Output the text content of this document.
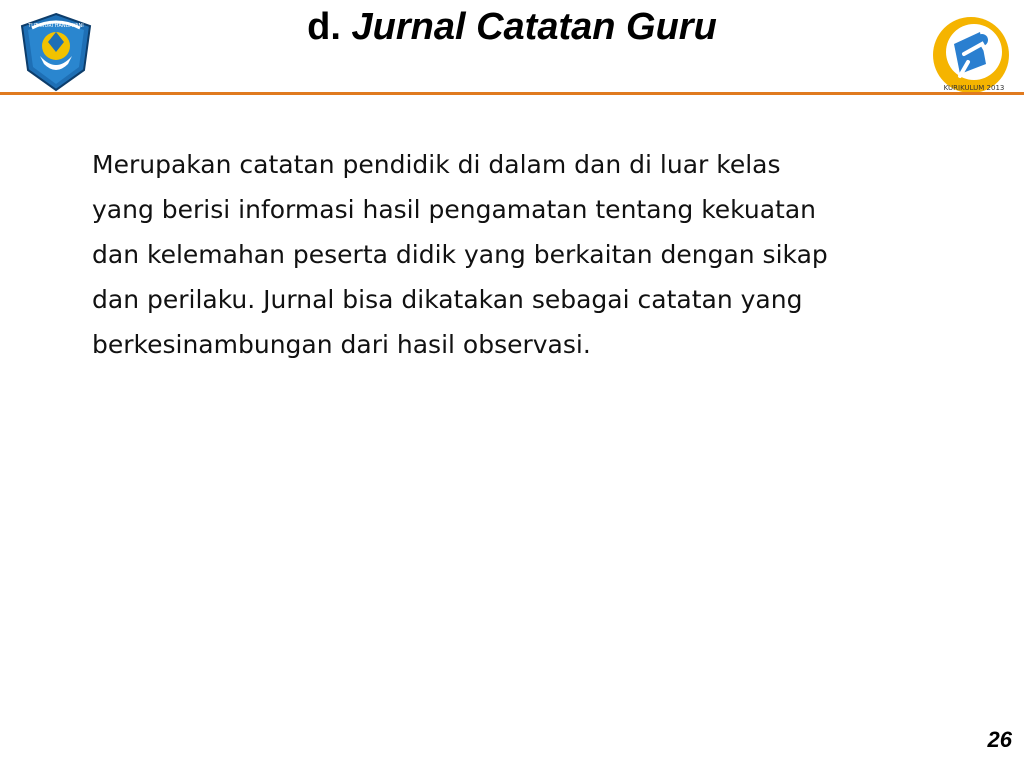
TUT WURI HANDAYANI	d. Jurnal Catatan Guru
KURIKULUM 2013
Merupakan catatan pendidik di dalam dan di luar kelas
yang berisi informasi hasil pengamatan tentang kekuatan
dan kelemahan peserta didik yang berkaitan dengan sikap
dan perilaku. Jurnal bisa dikatakan sebagai catatan yang
berkesinambungan dari hasil observasi.
26
